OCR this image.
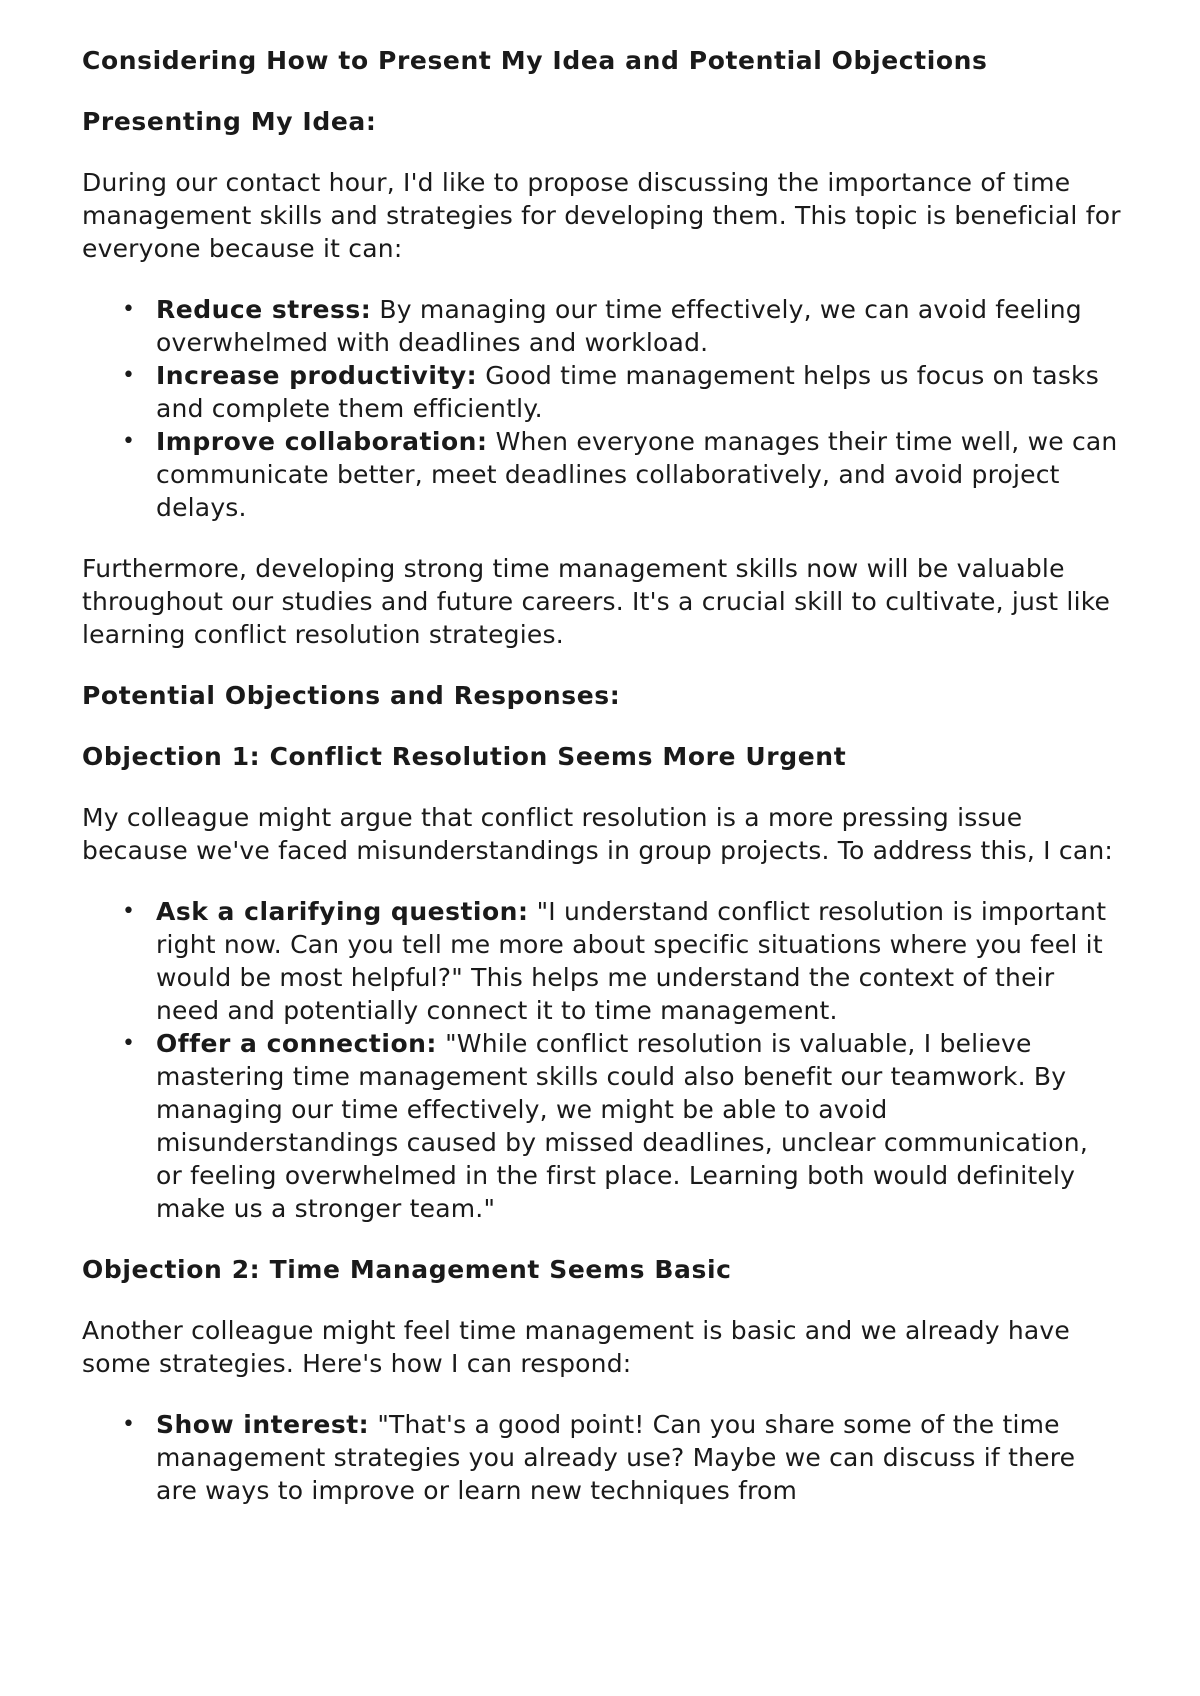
Considering How to Present My Idea and Potential Objections
Presenting My Idea:

During our contact hour, I'd like to propose discussing the importance of time management skills and strategies for developing them. This topic is beneficial for everyone because it can:

• Reduce stress: By managing our time effectively, we can avoid feeling overwhelmed with deadlines and workload.
• Increase productivity: Good time management helps us focus on tasks and complete them efficiently.
• Improve collaboration: When everyone manages their time well, we can communicate better, meet deadlines collaboratively, and avoid project delays.

Furthermore, developing strong time management skills now will be valuable throughout our studies and future careers. It's a crucial skill to cultivate, just like learning conflict resolution strategies.

Potential Objections and Responses:
Objection 1: Conflict Resolution Seems More Urgent

My colleague might argue that conflict resolution is a more pressing issue because we've faced misunderstandings in group projects. To address this, I can:

• Ask a clarifying question: "I understand conflict resolution is important right now. Can you tell me more about specific situations where you feel it would be most helpful?" This helps me understand the context of their need and potentially connect it to time management.
• Offer a connection: "While conflict resolution is valuable, I believe mastering time management skills could also benefit our teamwork. By managing our time effectively, we might be able to avoid misunderstandings caused by missed deadlines, unclear communication, or feeling overwhelmed in the first place. Learning both would definitely make us a stronger team."
Objection 2: Time Management Seems Basic

Another colleague might feel time management is basic and we already have some strategies. Here's how I can respond:

• Show interest: "That's a good point! Can you share some of the time management strategies you already use? Maybe we can discuss if there are ways to improve or learn new techniques from
